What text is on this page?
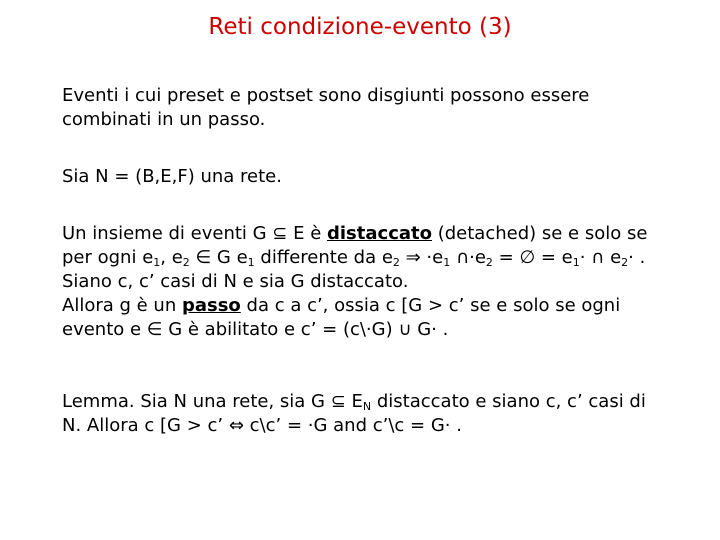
Reti condizione-evento (3)
Eventi i cui preset e postset sono disgiunti possono essere
combinati in un passo.
Sia N = (B,E,F) una rete.
Un insieme di eventi G ⊆ E è distaccato (detached) se e solo se
per ogni $e_1$, $e_2$ ∈ G $e_1$ differente da $e_2$ ⇒ $\cdot e_1$ $\cap\cdot e_2$ = ∅ = $e_1\cdot$ ∩ $e_2\cdot$ .
Siano c, c’ casi di N e sia G distaccato.
Allora g è un passo da c a c’, ossia c [G > c’ se e solo se ogni
evento e ∈ G è abilitato e c’ = (c\·G) ∪ G· .
Lemma. Sia N una rete, sia G ⊆ $E_N$ distaccato e siano c, c’ casi di
N. Allora c [G > c’ ⇔ c\c’ = ·G and c’\c = G· .
